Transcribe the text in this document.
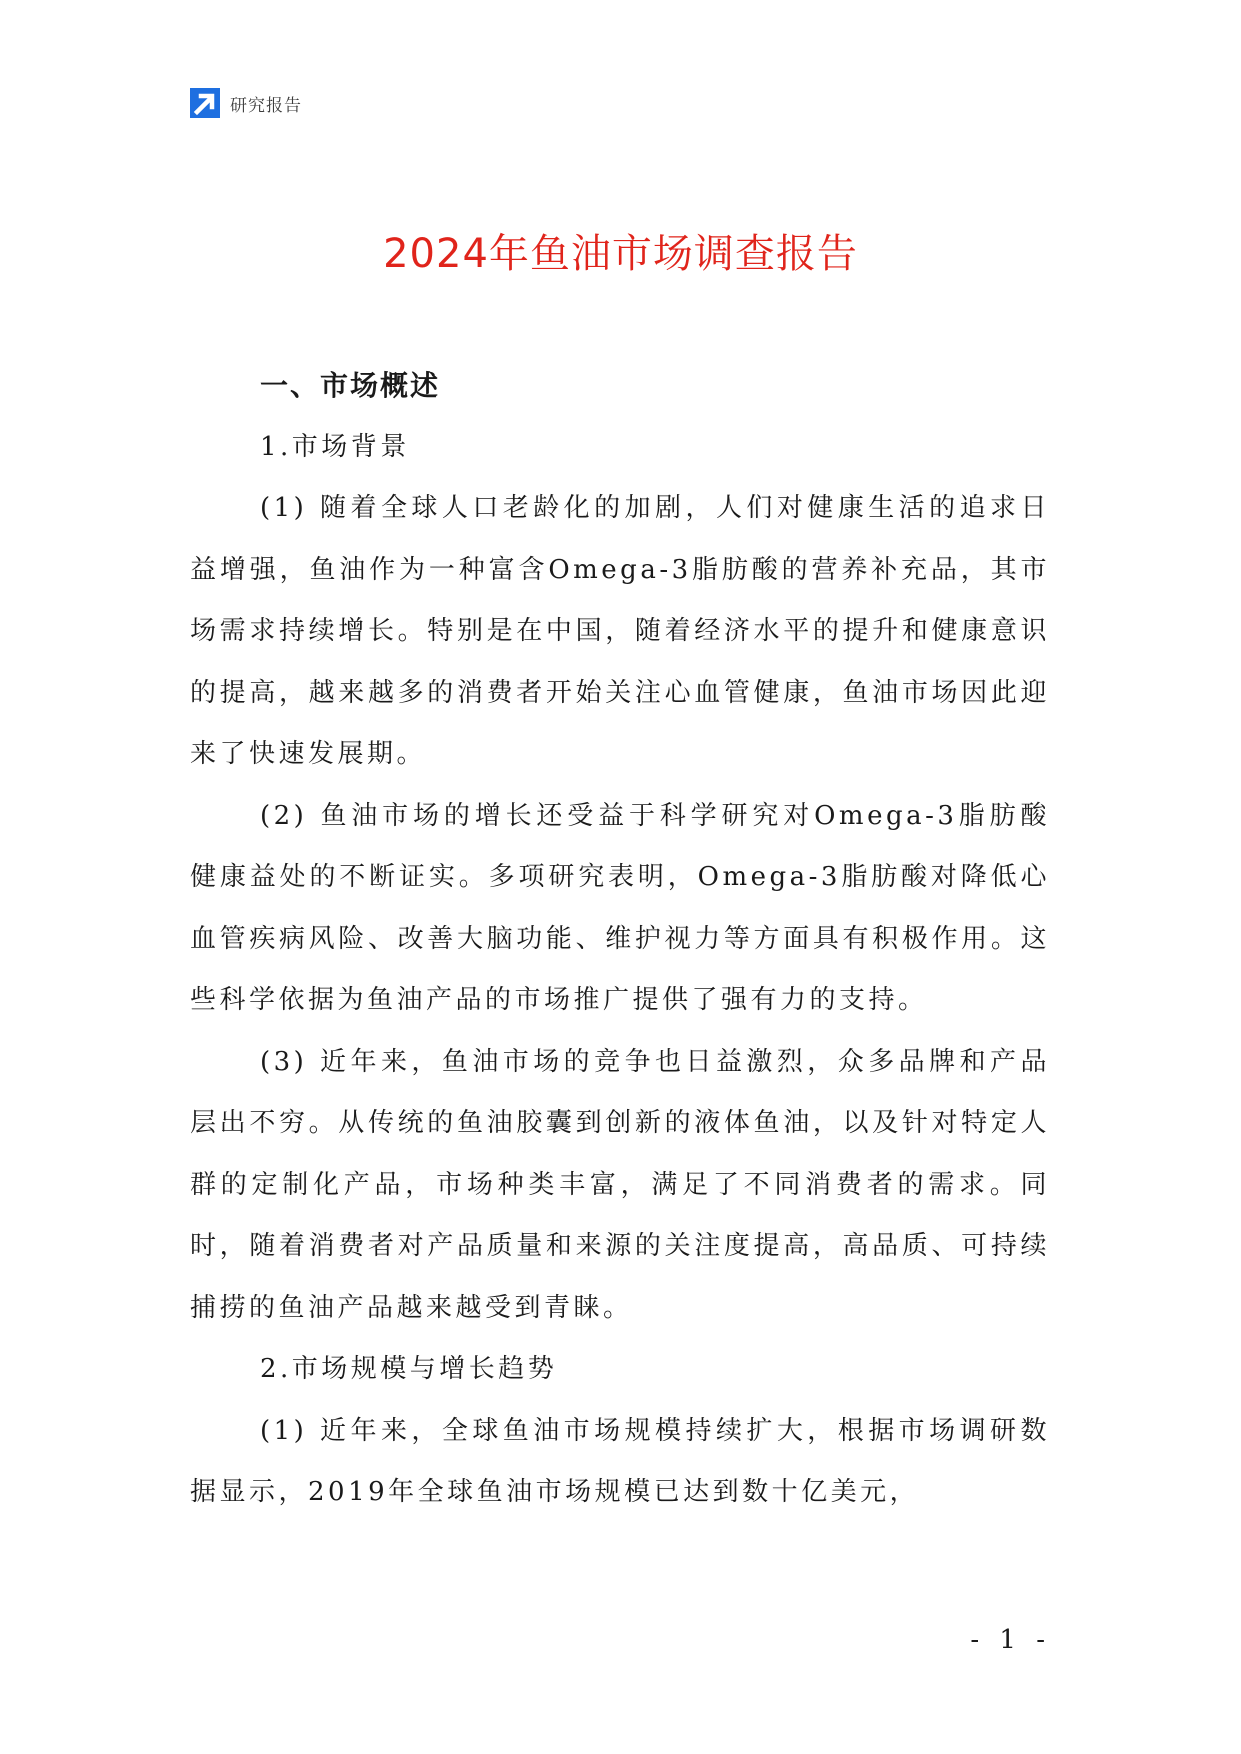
研究报告
2024年鱼油市场调查报告

一、市场概述

1.市场背景

(1) 随着全球人口老龄化的加剧，人们对健康生活的追求日益增强，鱼油作为一种富含Omega-3脂肪酸的营养补充品，其市场需求持续增长。特别是在中国，随着经济水平的提升和健康意识的提高，越来越多的消费者开始关注心血管健康，鱼油市场因此迎来了快速发展期。

(2) 鱼油市场的增长还受益于科学研究对Omega-3脂肪酸健康益处的不断证实。多项研究表明，Omega-3脂肪酸对降低心血管疾病风险、改善大脑功能、维护视力等方面具有积极作用。这些科学依据为鱼油产品的市场推广提供了强有力的支持。

(3) 近年来，鱼油市场的竞争也日益激烈，众多品牌和产品层出不穷。从传统的鱼油胶囊到创新的液体鱼油，以及针对特定人群的定制化产品，市场种类丰富，满足了不同消费者的需求。同时，随着消费者对产品质量和来源的关注度提高，高品质、可持续捕捞的鱼油产品越来越受到青睐。

2.市场规模与增长趋势

(1) 近年来，全球鱼油市场规模持续扩大，根据市场调研数据显示，2019年全球鱼油市场规模已达到数十亿美元，

- 1 -
